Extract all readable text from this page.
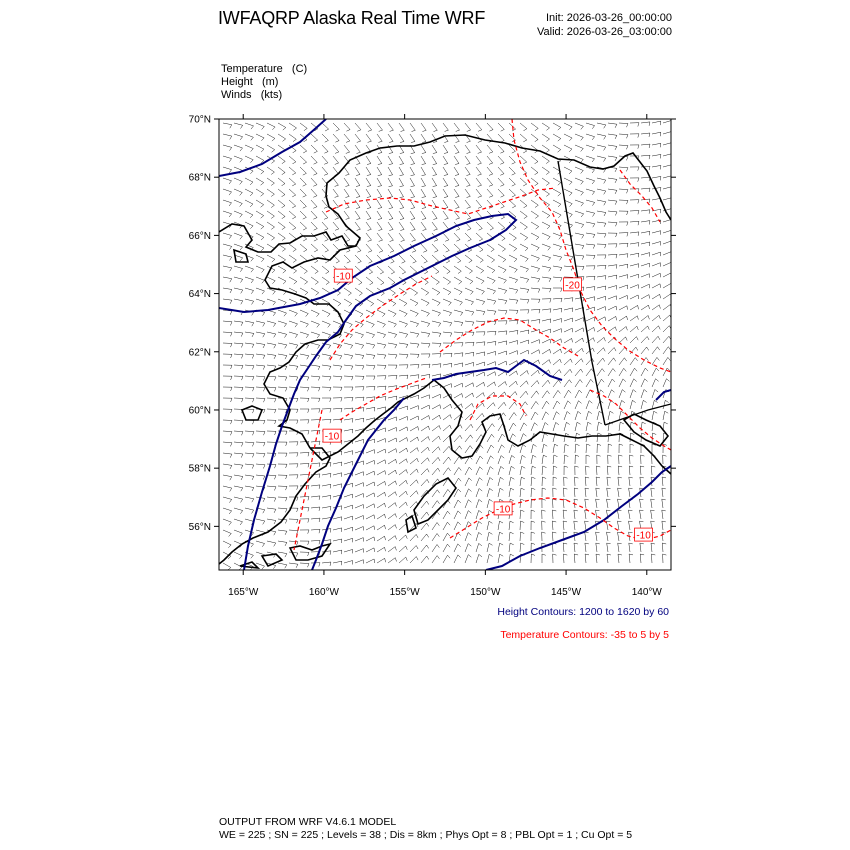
IWFAQRP Alaska Real Time WRF	Init: 2026-03-26_00:00:00
Valid: 2026-03-26_03:00:00
Temperature   (C)
Height   (m)
Winds   (kts)
-10
-20
-10
-10
-10
56°N
58°N
60°N
62°N
64°N
66°N
68°N
70°N
165°W	160°W	155°W	150°W	145°W	140°W
Height Contours: 1200 to 1620 by 60
Temperature Contours: -35 to 5 by 5
OUTPUT FROM WRF V4.6.1 MODEL
WE = 225 ; SN = 225 ; Levels = 38 ; Dis = 8km ; Phys Opt = 8 ; PBL Opt = 1 ; Cu Opt = 5
